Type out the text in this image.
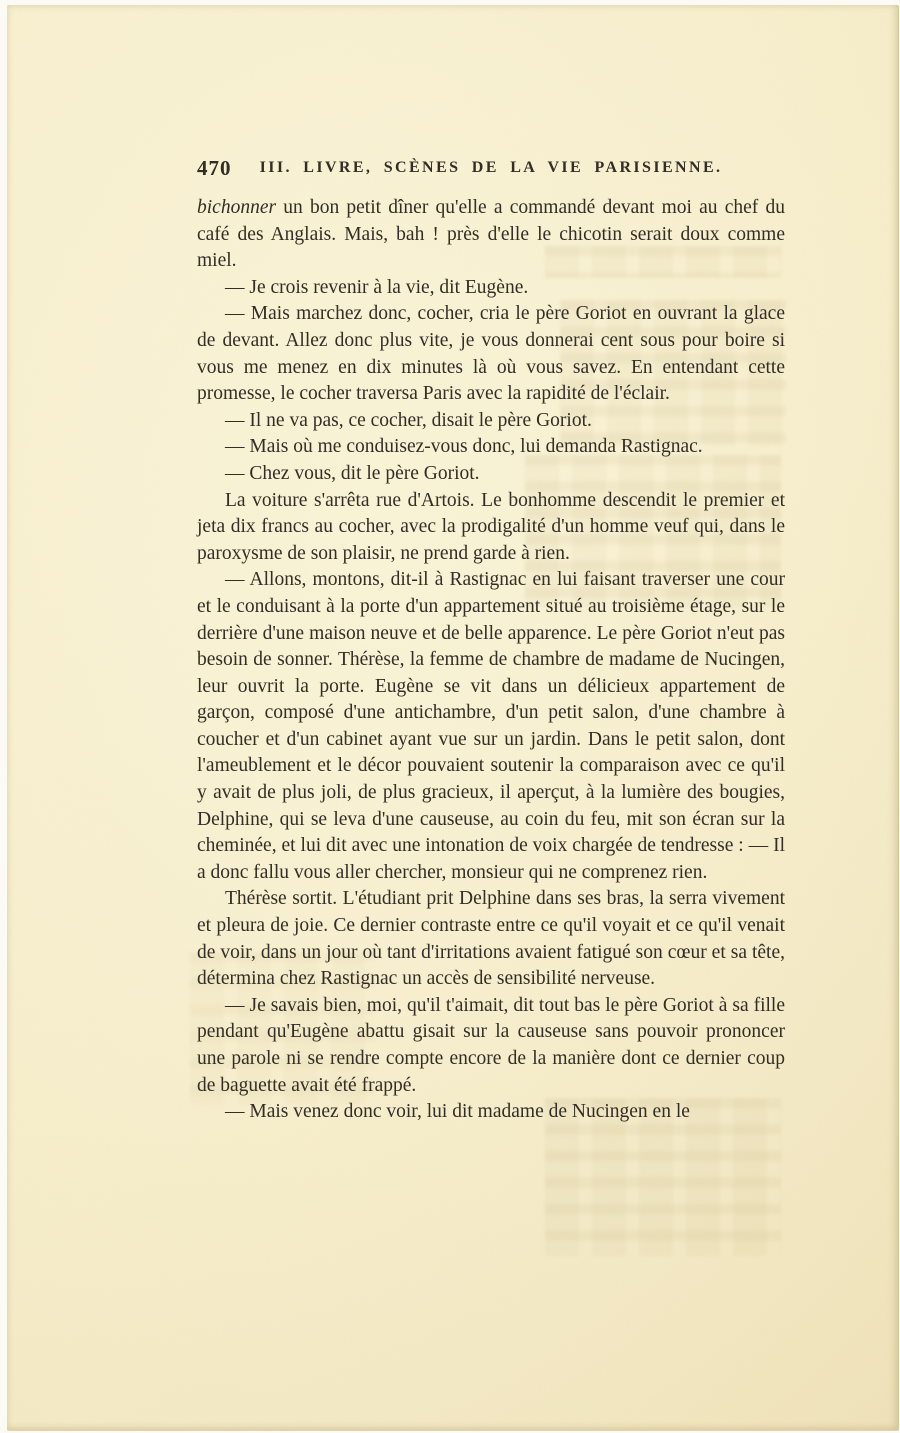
470	III. LIVRE, SCÈNES DE LA VIE PARISIENNE.

bichonner un bon petit dîner qu'elle a commandé devant moi au chef du café des Anglais. Mais, bah ! près d'elle le chicotin serait doux comme miel.

— Je crois revenir à la vie, dit Eugène.

— Mais marchez donc, cocher, cria le père Goriot en ouvrant la glace de devant. Allez donc plus vite, je vous donnerai cent sous pour boire si vous me menez en dix minutes là où vous savez. En entendant cette promesse, le cocher traversa Paris avec la rapidité de l'éclair.

— Il ne va pas, ce cocher, disait le père Goriot.

— Mais où me conduisez-vous donc, lui demanda Rastignac.

— Chez vous, dit le père Goriot.

La voiture s'arrêta rue d'Artois. Le bonhomme descendit le premier et jeta dix francs au cocher, avec la prodigalité d'un homme veuf qui, dans le paroxysme de son plaisir, ne prend garde à rien.

— Allons, montons, dit-il à Rastignac en lui faisant traverser une cour et le conduisant à la porte d'un appartement situé au troisième étage, sur le derrière d'une maison neuve et de belle apparence. Le père Goriot n'eut pas besoin de sonner. Thérèse, la femme de chambre de madame de Nucingen, leur ouvrit la porte. Eugène se vit dans un délicieux appartement de garçon, composé d'une antichambre, d'un petit salon, d'une chambre à coucher et d'un cabinet ayant vue sur un jardin. Dans le petit salon, dont l'ameublement et le décor pouvaient soutenir la comparaison avec ce qu'il y avait de plus joli, de plus gracieux, il aperçut, à la lumière des bougies, Delphine, qui se leva d'une causeuse, au coin du feu, mit son écran sur la cheminée, et lui dit avec une intonation de voix chargée de tendresse : — Il a donc fallu vous aller chercher, monsieur qui ne comprenez rien.

Thérèse sortit. L'étudiant prit Delphine dans ses bras, la serra vivement et pleura de joie. Ce dernier contraste entre ce qu'il voyait et ce qu'il venait de voir, dans un jour où tant d'irritations avaient fatigué son cœur et sa tête, détermina chez Rastignac un accès de sensibilité nerveuse.

— Je savais bien, moi, qu'il t'aimait, dit tout bas le père Goriot à sa fille pendant qu'Eugène abattu gisait sur la causeuse sans pouvoir prononcer une parole ni se rendre compte encore de la manière dont ce dernier coup de baguette avait été frappé.

— Mais venez donc voir, lui dit madame de Nucingen en le
